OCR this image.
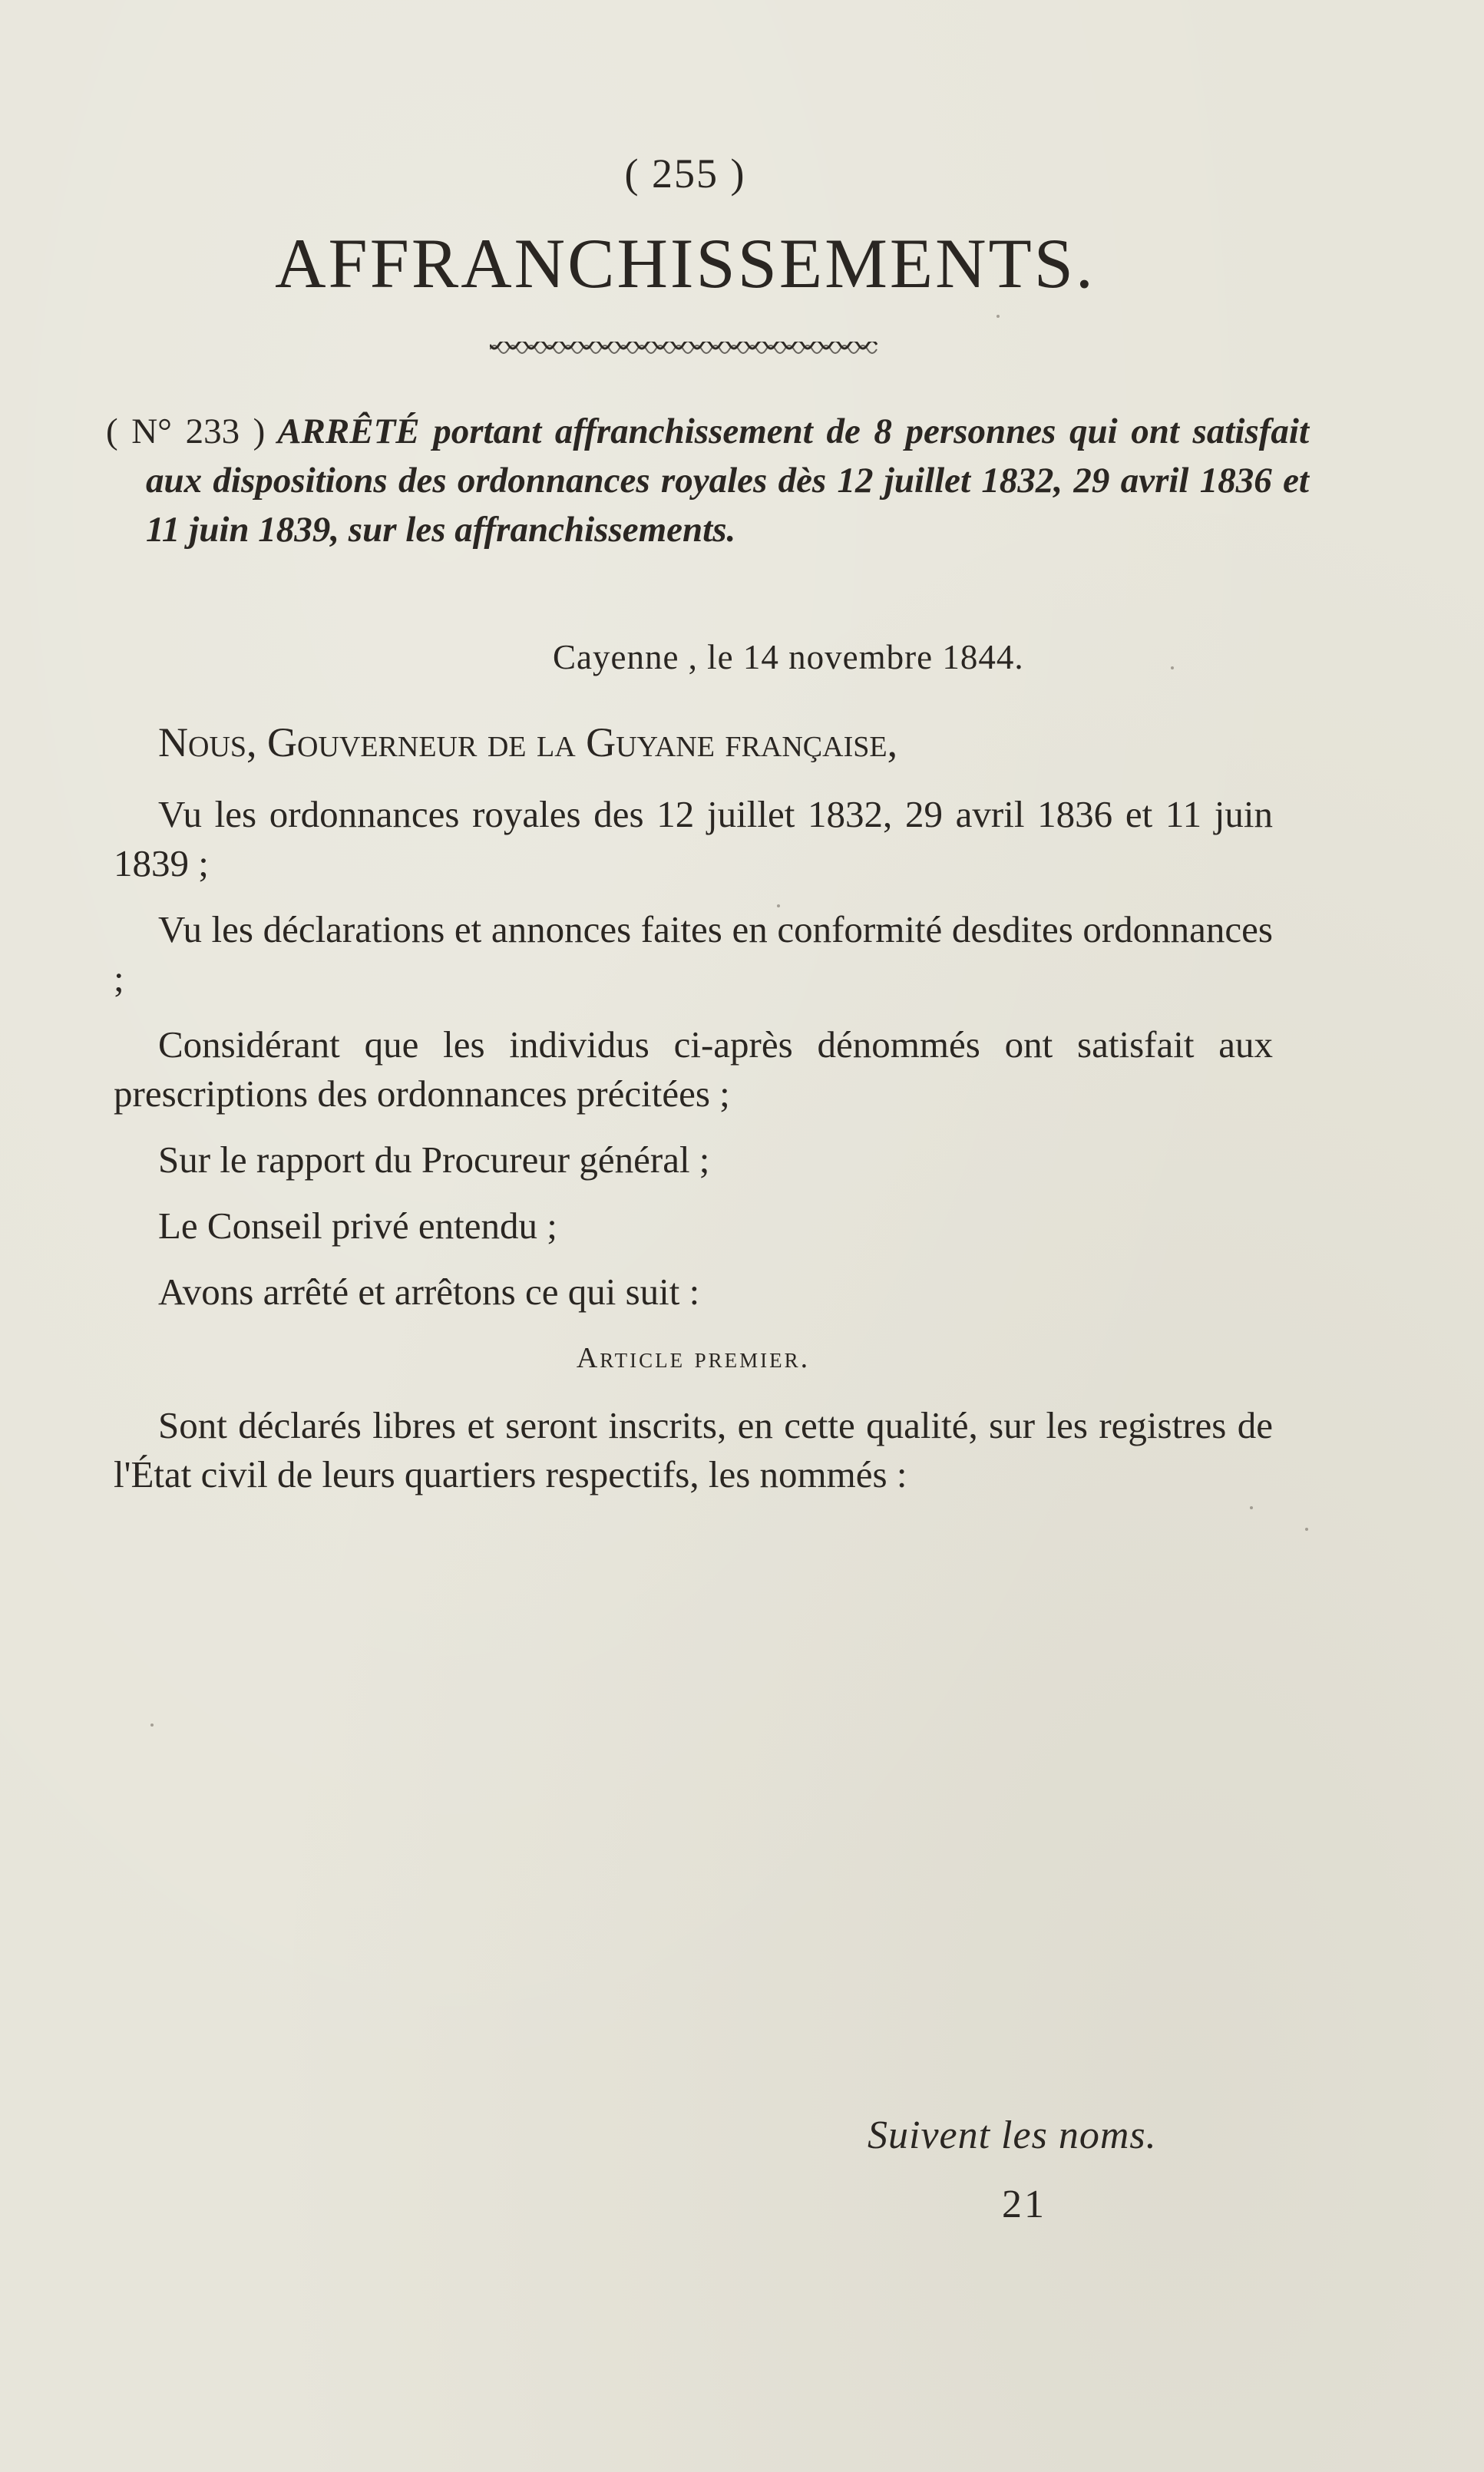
( 255 )
AFFRANCHISSEMENTS.
( N° 233 ) ARRÊTÉ portant affranchissement de 8 personnes qui ont satisfait aux dispositions des ordonnances royales dès 12 juillet 1832, 29 avril 1836 et 11 juin 1839, sur les affranchissements.
Cayenne , le 14 novembre 1844.

Nous, Gouverneur de la Guyane française,

Vu les ordonnances royales des 12 juillet 1832, 29 avril 1836 et 11 juin 1839 ;

Vu les déclarations et annonces faites en conformité desdites ordonnances ;

Considérant que les individus ci-après dénommés ont satisfait aux prescriptions des ordonnances précitées ;

Sur le rapport du Procureur général ;

Le Conseil privé entendu ;

Avons arrêté et arrêtons ce qui suit :

Article premier.

Sont déclarés libres et seront inscrits, en cette qualité, sur les registres de l'État civil de leurs quartiers respectifs, les nommés :

Suivent les noms.
21
